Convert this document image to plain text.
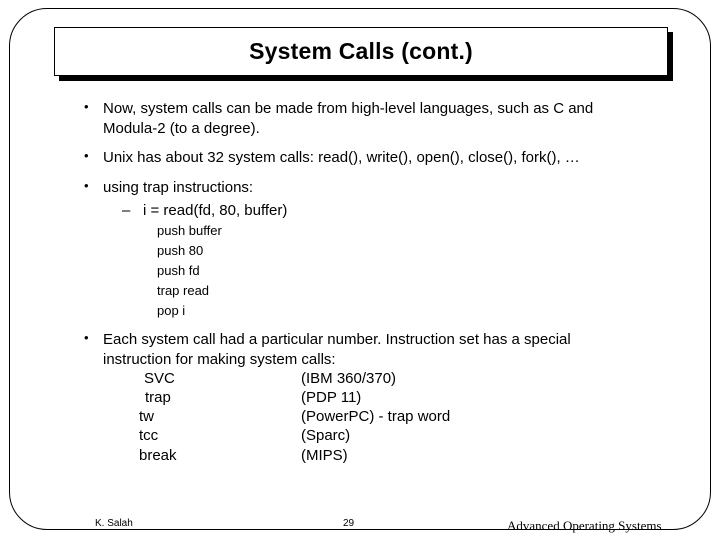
System Calls (cont.)
• Now, system calls can be made from high-level languages, such as C and
Modula-2 (to a degree).
• Unix has about 32 system calls: read(), write(), open(), close(), fork(), …
• using trap instructions:
– i = read(fd, 80, buffer)
push buffer
push 80
push fd
trap read
pop i
• Each system call had a particular number. Instruction set has a special
instruction for making system calls:
SVC	(IBM 360/370)
trap	(PDP 11)
tw	(PowerPC) - trap word
tcc	(Sparc)
break	(MIPS)
K. Salah	29	Advanced Operating Systems
